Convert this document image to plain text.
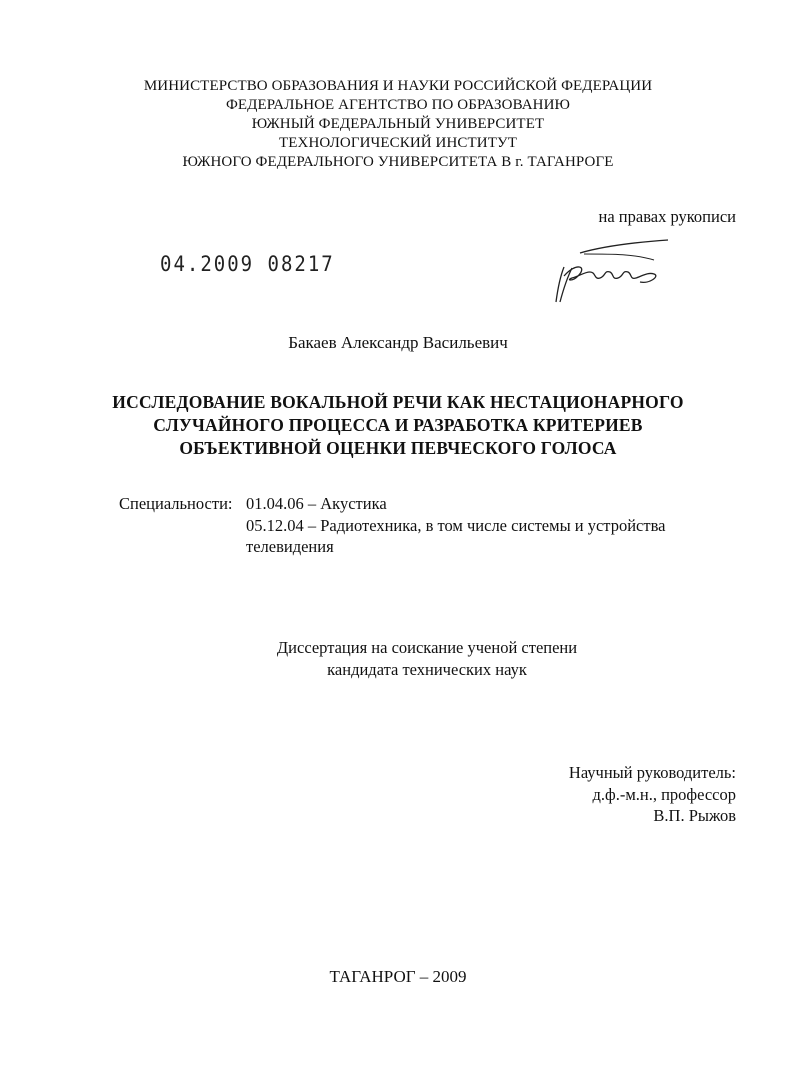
МИНИСТЕРСТВО ОБРАЗОВАНИЯ И НАУКИ РОССИЙСКОЙ ФЕДЕРАЦИИ
ФЕДЕРАЛЬНОЕ АГЕНТСТВО ПО ОБРАЗОВАНИЮ
ЮЖНЫЙ ФЕДЕРАЛЬНЫЙ УНИВЕРСИТЕТ
ТЕХНОЛОГИЧЕСКИЙ ИНСТИТУТ
ЮЖНОГО ФЕДЕРАЛЬНОГО УНИВЕРСИТЕТА В г. ТАГАНРОГЕ
на правах рукописи
04.2009 08217
Бакаев Александр Васильевич
ИССЛЕДОВАНИЕ ВОКАЛЬНОЙ РЕЧИ КАК НЕСТАЦИОНАРНОГО
СЛУЧАЙНОГО ПРОЦЕССА И РАЗРАБОТКА КРИТЕРИЕВ
ОБЪЕКТИВНОЙ ОЦЕНКИ ПЕВЧЕСКОГО ГОЛОСА
Специальности: 01.04.06 – Акустика
05.12.04 – Радиотехника, в том числе системы и устройства
телевидения
Диссертация на соискание ученой степени
кандидата технических наук
Научный руководитель:
д.ф.-м.н., профессор
В.П. Рыжов
ТАГАНРОГ – 2009
